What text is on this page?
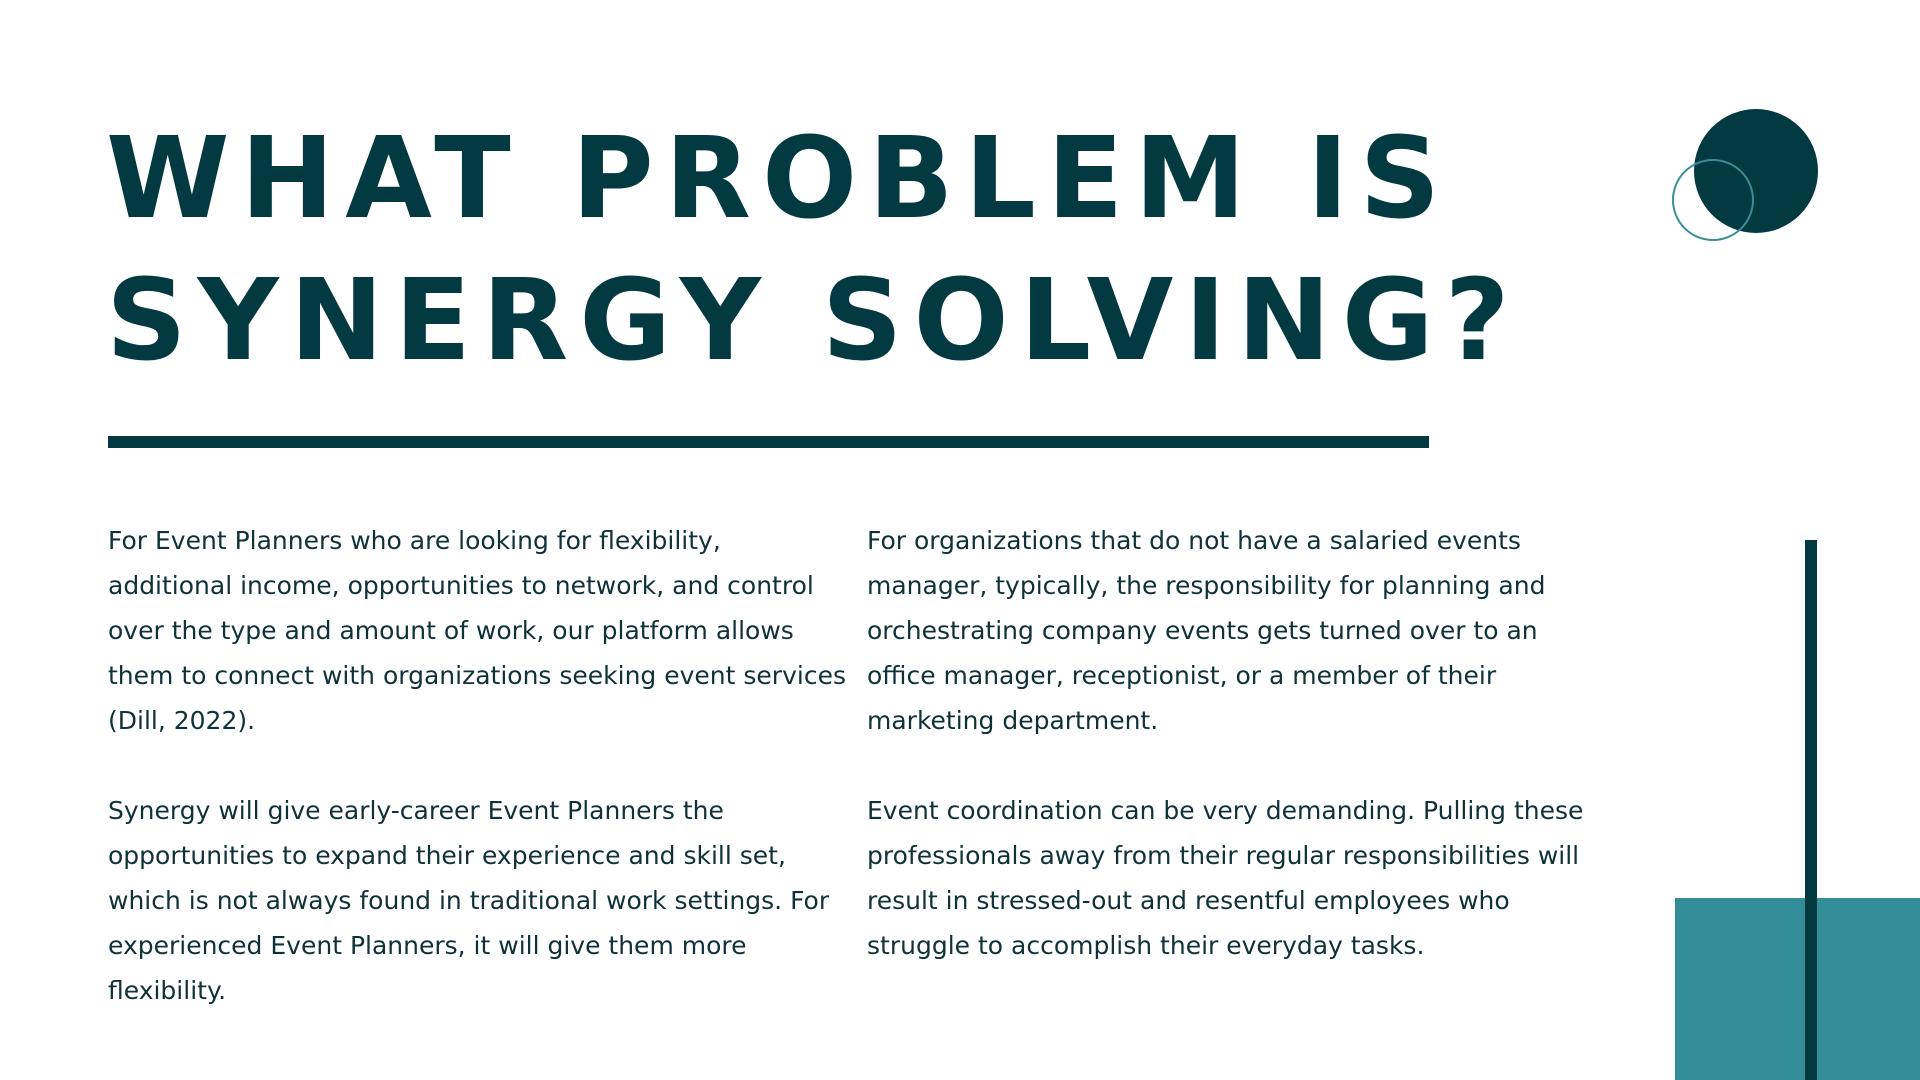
WHAT PROBLEM IS
SYNERGY SOLVING?

For Event Planners who are looking for flexibility, additional income, opportunities to network, and control over the type and amount of work, our platform allows them to connect with organizations seeking event services (Dill, 2022).

Synergy will give early-career Event Planners the opportunities to expand their experience and skill set, which is not always found in traditional work settings. For experienced Event Planners, it will give them more flexibility.

For organizations that do not have a salaried events manager, typically, the responsibility for planning and orchestrating company events gets turned over to an office manager, receptionist, or a member of their marketing department.

Event coordination can be very demanding. Pulling these professionals away from their regular responsibilities will result in stressed-out and resentful employees who struggle to accomplish their everyday tasks.
